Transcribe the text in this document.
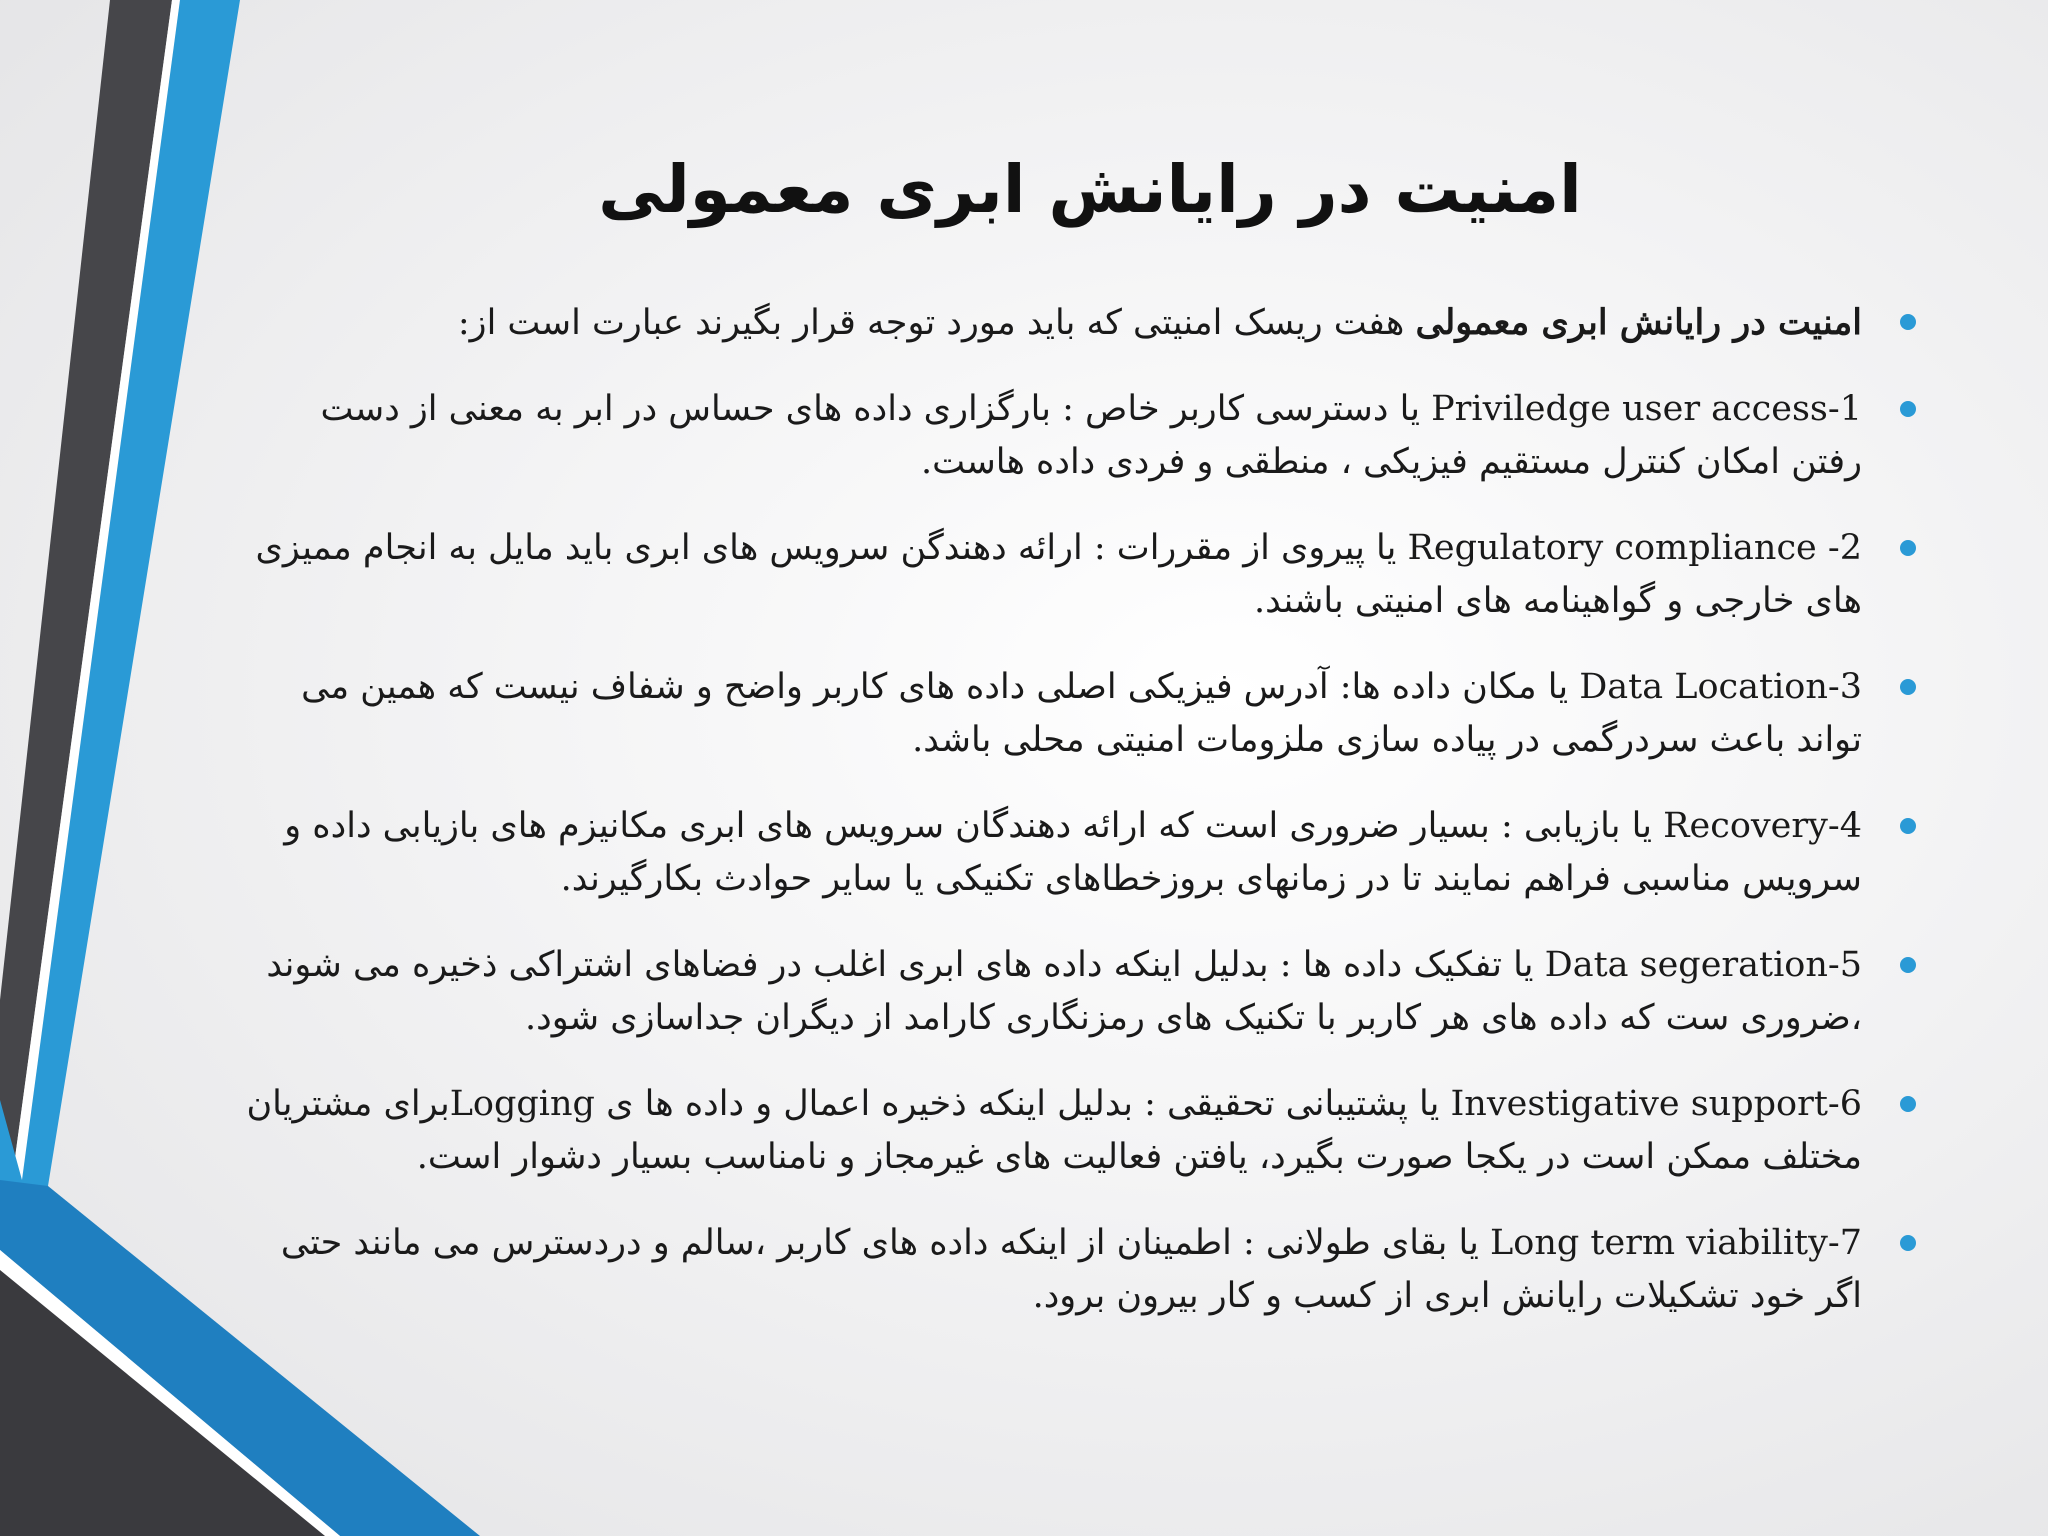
امنیت در رایانش ابری معمولی
امنیت در رایانش ابری معمولی هفت ریسک امنیتی که باید مورد توجه قرار بگیرند عبارت است از:
1-Priviledge user access یا دسترسی کاربر خاص : بارگزاری داده های حساس در ابر به معنی از دست رفتن امکان کنترل مستقیم فیزیکی ، منطقی و فردی داده هاست.
2- Regulatory compliance یا پیروی از مقررات : ارائه دهندگن سرویس های ابری باید مایل به انجام ممیزی های خارجی و گواهینامه های امنیتی باشند.
3-Data Location یا مکان داده ها: آدرس فیزیکی اصلی داده های کاربر واضح و شفاف نیست که همین می تواند باعث سردرگمی در پیاده سازی ملزومات امنیتی محلی باشد.
4-Recovery یا بازیابی : بسیار ضروری است که ارائه دهندگان سرویس های ابری مکانیزم های بازیابی داده و سرویس مناسبی فراهم نمایند تا در زمانهای بروزخطاهای تکنیکی یا سایر حوادث بکارگیرند.
5-Data segeration یا تفکیک داده ها : بدلیل اینکه داده های ابری اغلب در فضاهای اشتراکی ذخیره می شوند ،ضروری ست که داده های هر کاربر با تکنیک های رمزنگاری کارامد از دیگران جداسازی شود.
6-Investigative support یا پشتیبانی تحقیقی : بدلیل اینکه ذخیره اعمال و داده ها ی Loggingبرای مشتریان مختلف ممکن است در یکجا صورت بگیرد، یافتن فعالیت های غیرمجاز و نامناسب بسیار دشوار است.
7-Long term viability یا بقای طولانی : اطمینان از اینکه داده های کاربر ،سالم و دردسترس می مانند حتی اگر خود تشکیلات رایانش ابری از کسب و کار بیرون برود.
